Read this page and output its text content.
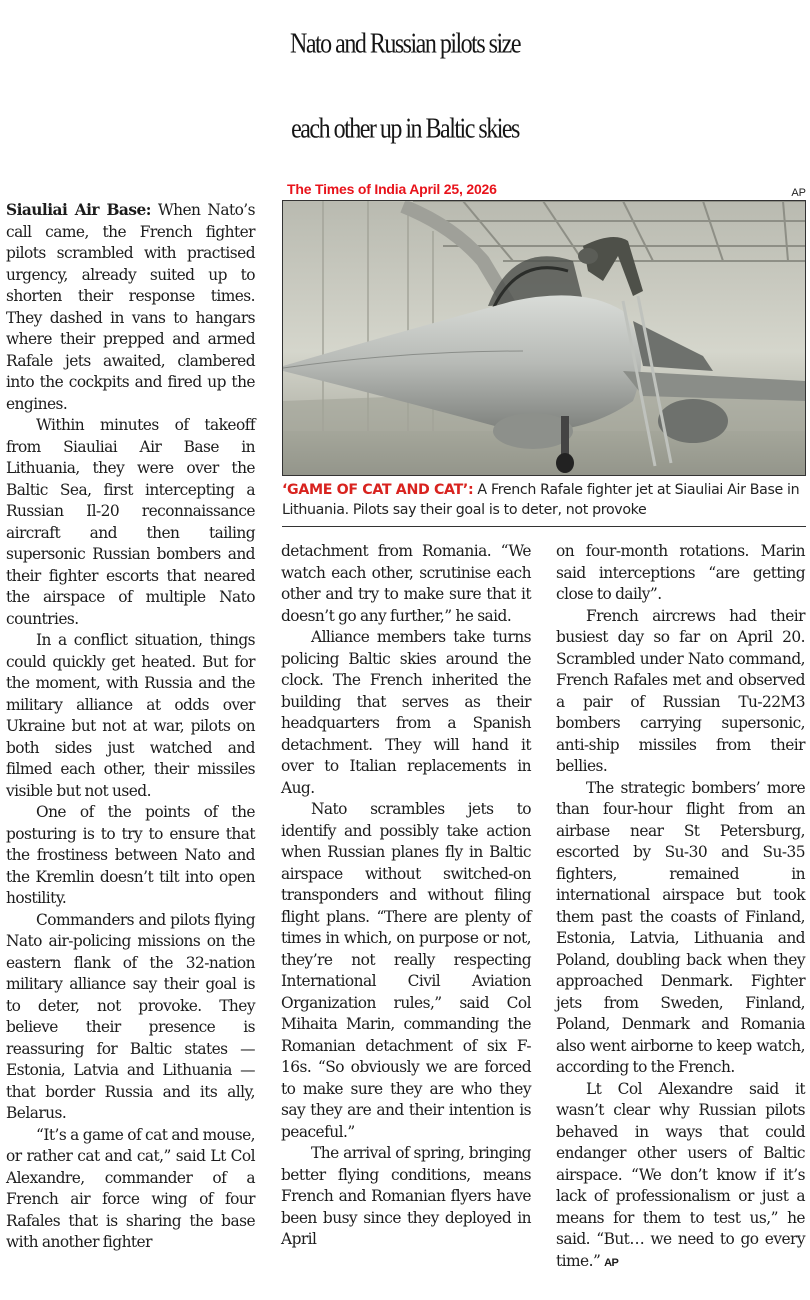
Nato and Russian pilots size
each other up in Baltic skies
The Times of India April 25, 2026	AP
‘GAME OF CAT AND CAT’: A French Rafale fighter jet at Siauliai Air Base in Lithuania. Pilots say their goal is to deter, not provoke

Siauliai Air Base: When Nato’s call came, the French fighter pilots scrambled with practised urgency, already suited up to shorten their response times. They dashed in vans to hangars where their prepped and armed Rafale jets awaited, clambered into the cockpits and fired up the engines.

Within minutes of takeoff from Siauliai Air Base in Lithuania, they were over the Baltic Sea, first intercepting a Russian Il-20 reconnaissance aircraft and then tailing supersonic Russian bombers and their fighter escorts that neared the airspace of multiple Nato countries.

In a conflict situation, things could quickly get heated. But for the moment, with Russia and the military alliance at odds over Ukraine but not at war, pilots on both sides just watched and filmed each other, their missiles visible but not used.

One of the points of the posturing is to try to ensure that the frostiness between Nato and the Kremlin doesn’t tilt into open hostility.

Commanders and pilots flying Nato air-policing missions on the eastern flank of the 32-nation military alliance say their goal is to deter, not provoke. They believe their presence is reassuring for Baltic states — Estonia, Latvia and Lithuania — that border Russia and its ally, Belarus.

“It’s a game of cat and mouse, or rather cat and cat,” said Lt Col Alexandre, commander of a French air force wing of four Rafales that is sharing the base with another fighter

detachment from Romania. “We watch each other, scrutinise each other and try to make sure that it doesn’t go any further,” he said.

Alliance members take turns policing Baltic skies around the clock. The French inherited the building that serves as their headquarters from a Spanish detachment. They will hand it over to Italian replacements in Aug.

Nato scrambles jets to identify and possibly take action when Russian planes fly in Baltic airspace without switched-on transponders and without filing flight plans. “There are plenty of times in which, on purpose or not, they’re not really respecting International Civil Aviation Organization rules,” said Col Mihaita Marin, commanding the Romanian detachment of six F-16s. “So obviously we are forced to make sure they are who they say they are and their intention is peaceful.”

The arrival of spring, bringing better flying conditions, means French and Romanian flyers have been busy since they deployed in April

on four-month rotations. Marin said interceptions “are getting close to daily”.

French aircrews had their busiest day so far on April 20. Scrambled under Nato command, French Rafales met and observed a pair of Russian Tu-22M3 bombers carrying supersonic, anti-ship missiles from their bellies.

The strategic bombers’ more than four-hour flight from an airbase near St Petersburg, escorted by Su-30 and Su-35 fighters, remained in international airspace but took them past the coasts of Finland, Estonia, Latvia, Lithuania and Poland, doubling back when they approached Denmark. Fighter jets from Sweden, Finland, Poland, Denmark and Romania also went airborne to keep watch, according to the French.

Lt Col Alexandre said it wasn’t clear why Russian pilots behaved in ways that could endanger other users of Baltic airspace. “We don’t know if it’s lack of professionalism or just a means for them to test us,” he said. “But… we need to go every time.” AP
